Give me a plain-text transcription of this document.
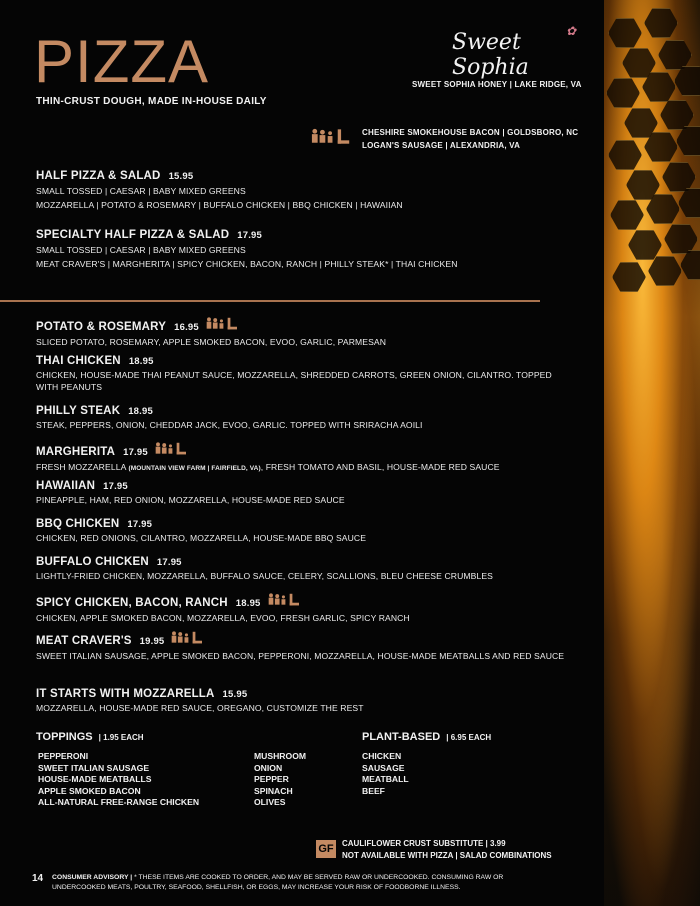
PIZZA
THIN-CRUST DOUGH, MADE IN-HOUSE DAILY
Sweet Sophia
✿
SWEET SOPHIA HONEY | LAKE RIDGE, VA
CHESHIRE SMOKEHOUSE BACON | GOLDSBORO, NC
LOGAN'S SAUSAGE | ALEXANDRIA, VA
HALF PIZZA & SALAD 15.95
SMALL TOSSED | CAESAR | BABY MIXED GREENS
MOZZARELLA | POTATO & ROSEMARY | BUFFALO CHICKEN | BBQ CHICKEN | HAWAIIAN
SPECIALTY HALF PIZZA & SALAD 17.95
SMALL TOSSED | CAESAR | BABY MIXED GREENS
MEAT CRAVER'S | MARGHERITA | SPICY CHICKEN, BACON, RANCH | PHILLY STEAK* | THAI CHICKEN
POTATO & ROSEMARY 16.95
SLICED POTATO, ROSEMARY, APPLE SMOKED BACON, EVOO, GARLIC, PARMESAN
THAI CHICKEN 18.95
CHICKEN, HOUSE-MADE THAI PEANUT SAUCE, MOZZARELLA, SHREDDED CARROTS, GREEN ONION, CILANTRO. TOPPED WITH PEANUTS
PHILLY STEAK 18.95
STEAK, PEPPERS, ONION, CHEDDAR JACK, EVOO, GARLIC. TOPPED WITH SRIRACHA AOILI
MARGHERITA 17.95
FRESH MOZZARELLA (MOUNTAIN VIEW FARM | FAIRFIELD, VA), FRESH TOMATO AND BASIL, HOUSE-MADE RED SAUCE
HAWAIIAN 17.95
PINEAPPLE, HAM, RED ONION, MOZZARELLA, HOUSE-MADE RED SAUCE
BBQ CHICKEN 17.95
CHICKEN, RED ONIONS, CILANTRO, MOZZARELLA, HOUSE-MADE BBQ SAUCE
BUFFALO CHICKEN 17.95
LIGHTLY-FRIED CHICKEN, MOZZARELLA, BUFFALO SAUCE, CELERY, SCALLIONS, BLEU CHEESE CRUMBLES
SPICY CHICKEN, BACON, RANCH 18.95
CHICKEN, APPLE SMOKED BACON, MOZZARELLA, EVOO, FRESH GARLIC, SPICY RANCH
MEAT CRAVER'S 19.95
SWEET ITALIAN SAUSAGE, APPLE SMOKED BACON, PEPPERONI, MOZZARELLA, HOUSE-MADE MEATBALLS AND RED SAUCE
IT STARTS WITH MOZZARELLA 15.95
MOZZARELLA, HOUSE-MADE RED SAUCE, OREGANO, CUSTOMIZE THE REST
TOPPINGS | 1.95 EACH
PEPPERONI
SWEET ITALIAN SAUSAGE
HOUSE-MADE MEATBALLS
APPLE SMOKED BACON
ALL-NATURAL FREE-RANGE CHICKEN
MUSHROOM
ONION
PEPPER
SPINACH
OLIVES
PLANT-BASED | 6.95 EACH
CHICKEN
SAUSAGE
MEATBALL
BEEF
GF CAULIFLOWER CRUST SUBSTITUTE | 3.99
NOT AVAILABLE WITH PIZZA | SALAD COMBINATIONS
14 CONSUMER ADVISORY | * THESE ITEMS ARE COOKED TO ORDER, AND MAY BE SERVED RAW OR UNDERCOOKED. CONSUMING RAW OR UNDERCOOKED MEATS, POULTRY, SEAFOOD, SHELLFISH, OR EGGS, MAY INCREASE YOUR RISK OF FOODBORNE ILLNESS.
